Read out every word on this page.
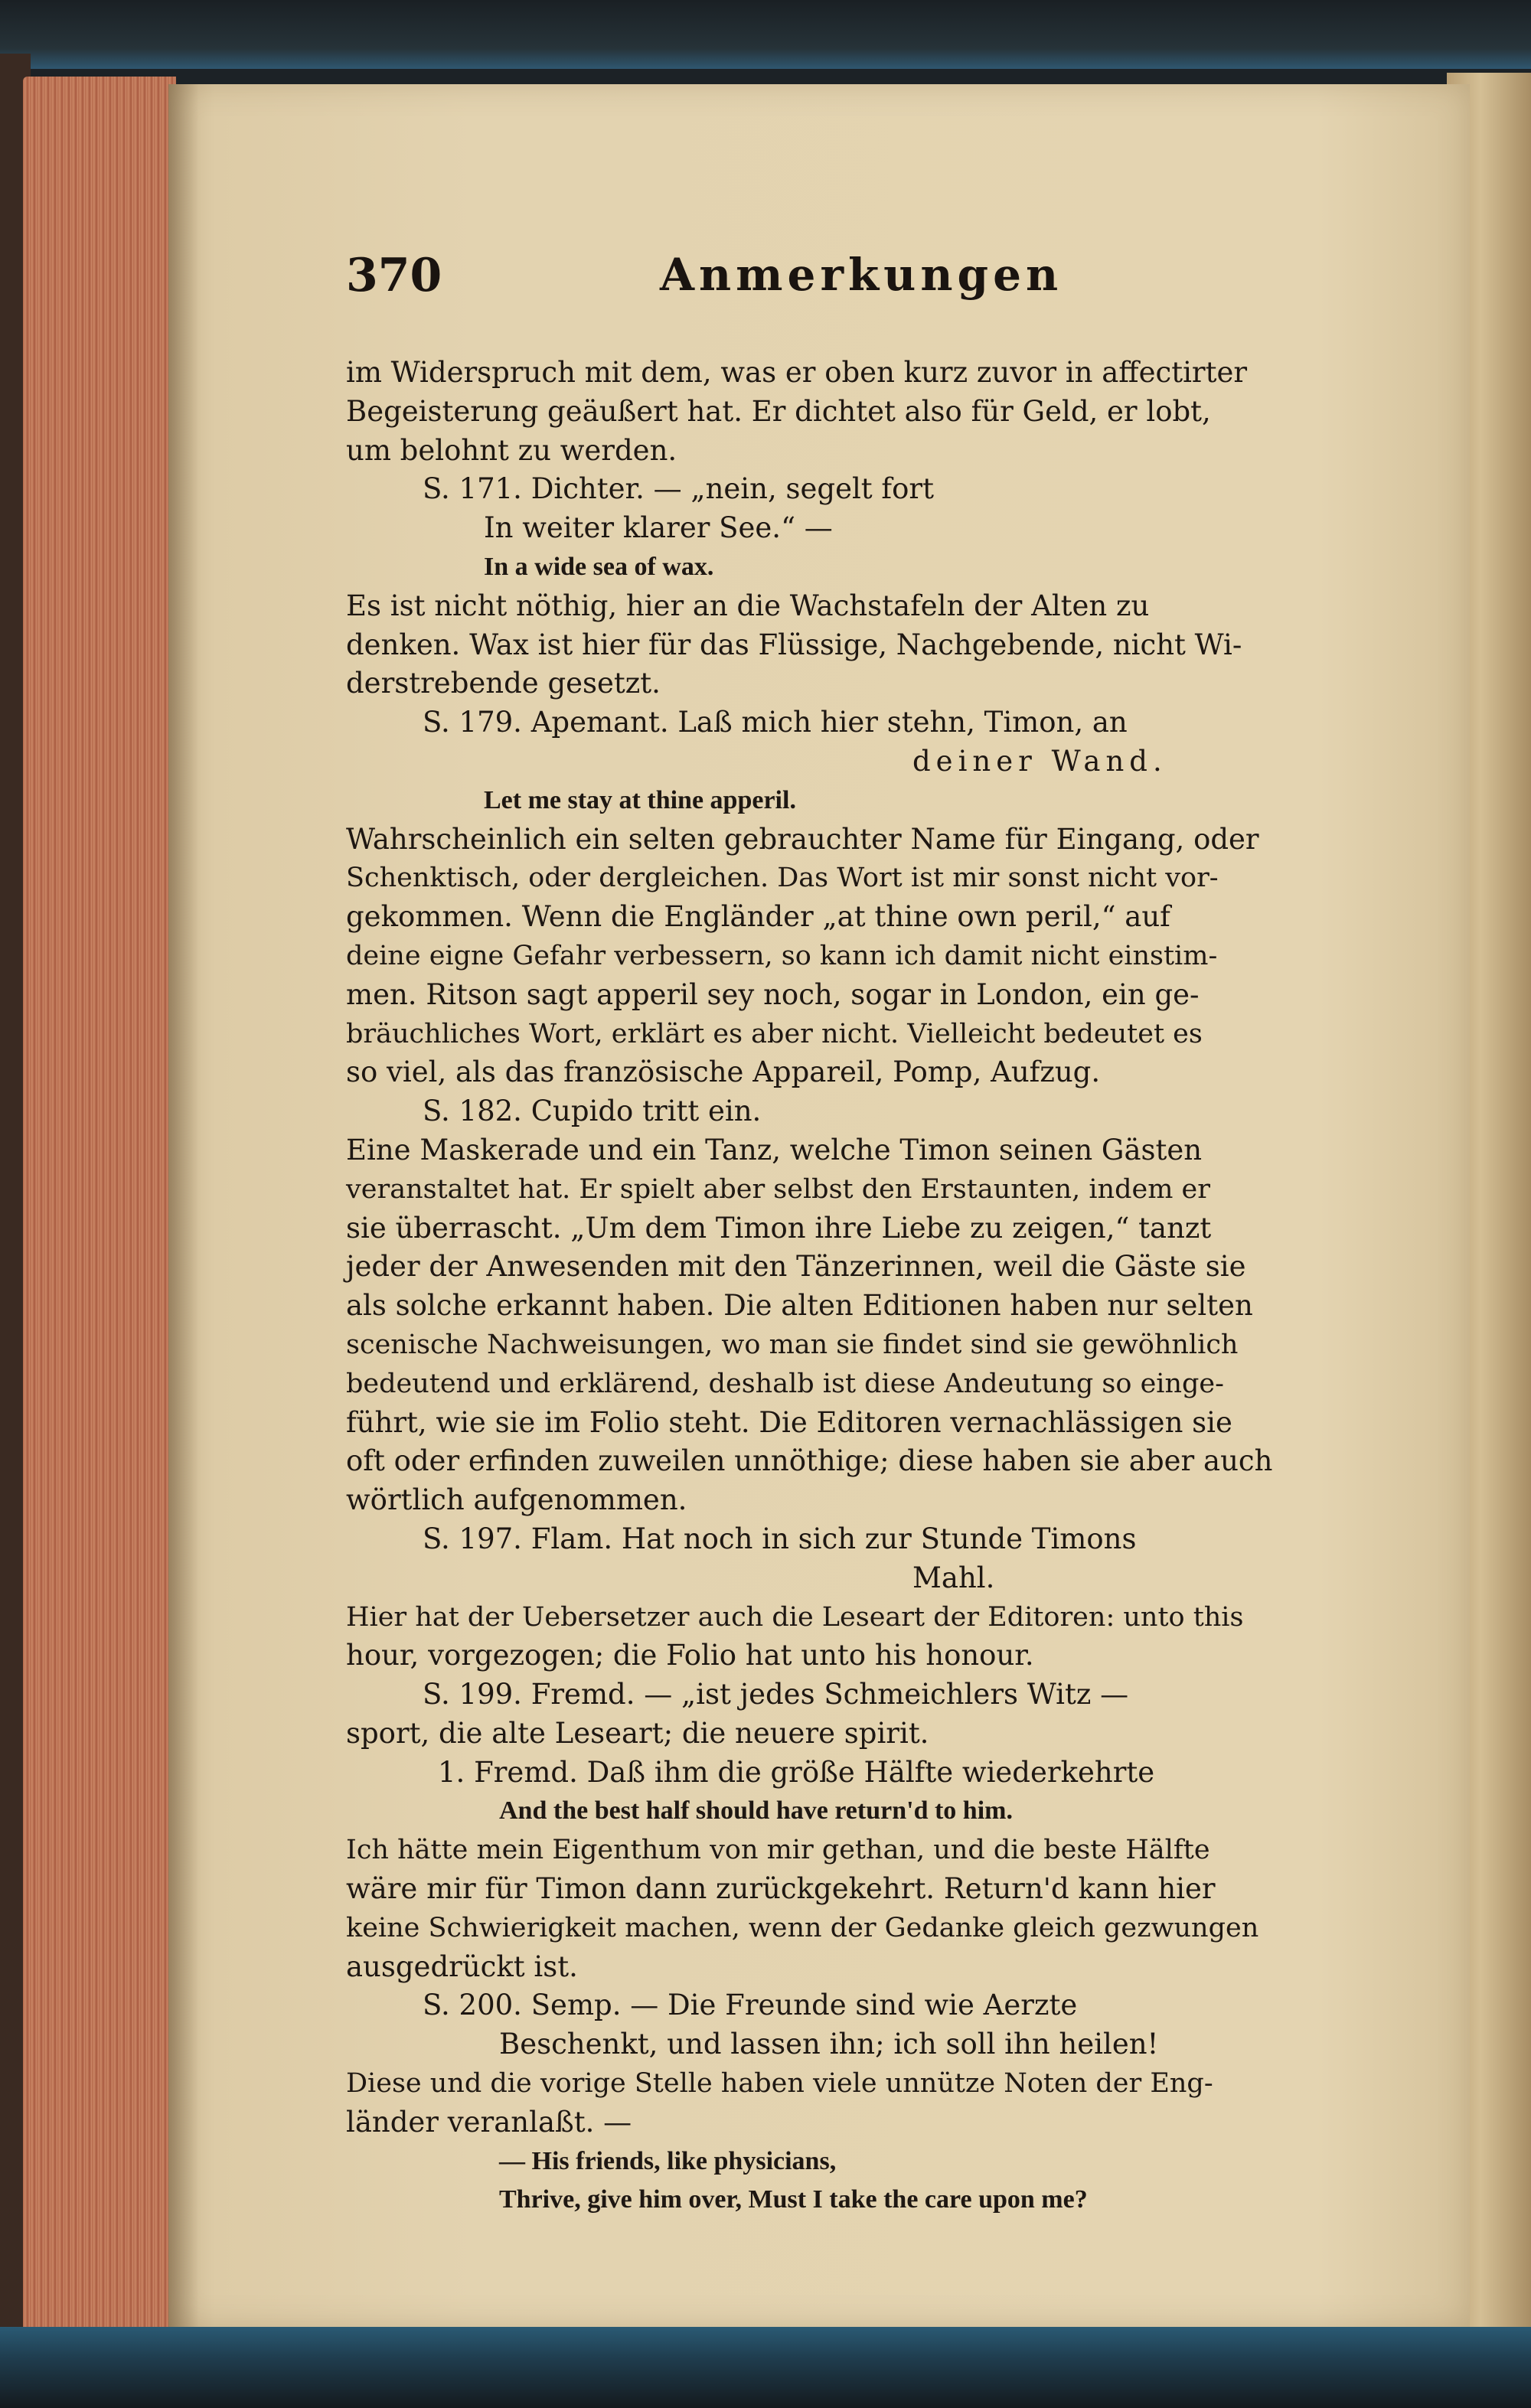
370	Anmerkungen
im Widerspruch mit dem, was er oben kurz zuvor in affectirter
Begeisterung geäußert hat. Er dichtet also für Geld, er lobt,
um belohnt zu werden.
S. 171. Dichter. — „nein, segelt fort
In weiter klarer See.“ —
In a wide sea of wax.
Es ist nicht nöthig, hier an die Wachstafeln der Alten zu
denken. Wax ist hier für das Flüssige, Nachgebende, nicht Wi-
derstrebende gesetzt.
S. 179. Apemant. Laß mich hier stehn, Timon, an
deiner Wand.
Let me stay at thine apperil.
Wahrscheinlich ein selten gebrauchter Name für Eingang, oder
Schenktisch, oder dergleichen. Das Wort ist mir sonst nicht vor-
gekommen. Wenn die Engländer „at thine own peril,“ auf
deine eigne Gefahr verbessern, so kann ich damit nicht einstim-
men. Ritson sagt apperil sey noch, sogar in London, ein ge-
bräuchliches Wort, erklärt es aber nicht. Vielleicht bedeutet es
so viel, als das französische Appareil, Pomp, Aufzug.
S. 182. Cupido tritt ein.
Eine Maskerade und ein Tanz, welche Timon seinen Gästen
veranstaltet hat. Er spielt aber selbst den Erstaunten, indem er
sie überrascht. „Um dem Timon ihre Liebe zu zeigen,“ tanzt
jeder der Anwesenden mit den Tänzerinnen, weil die Gäste sie
als solche erkannt haben. Die alten Editionen haben nur selten
scenische Nachweisungen, wo man sie findet sind sie gewöhnlich
bedeutend und erklärend, deshalb ist diese Andeutung so einge-
führt, wie sie im Folio steht. Die Editoren vernachlässigen sie
oft oder erfinden zuweilen unnöthige; diese haben sie aber auch
wörtlich aufgenommen.
S. 197. Flam. Hat noch in sich zur Stunde Timons
Mahl.
Hier hat der Uebersetzer auch die Leseart der Editoren: unto this
hour, vorgezogen; die Folio hat unto his honour.
S. 199. Fremd. — „ist jedes Schmeichlers Witz —
sport, die alte Leseart; die neuere spirit.
1. Fremd. Daß ihm die größe Hälfte wiederkehrte
And the best half should have return'd to him.
Ich hätte mein Eigenthum von mir gethan, und die beste Hälfte
wäre mir für Timon dann zurückgekehrt. Return'd kann hier
keine Schwierigkeit machen, wenn der Gedanke gleich gezwungen
ausgedrückt ist.
S. 200. Semp. — Die Freunde sind wie Aerzte
Beschenkt, und lassen ihn; ich soll ihn heilen!
Diese und die vorige Stelle haben viele unnütze Noten der Eng-
länder veranlaßt. —
— His friends, like physicians,
Thrive, give him over, Must I take the care upon me?
